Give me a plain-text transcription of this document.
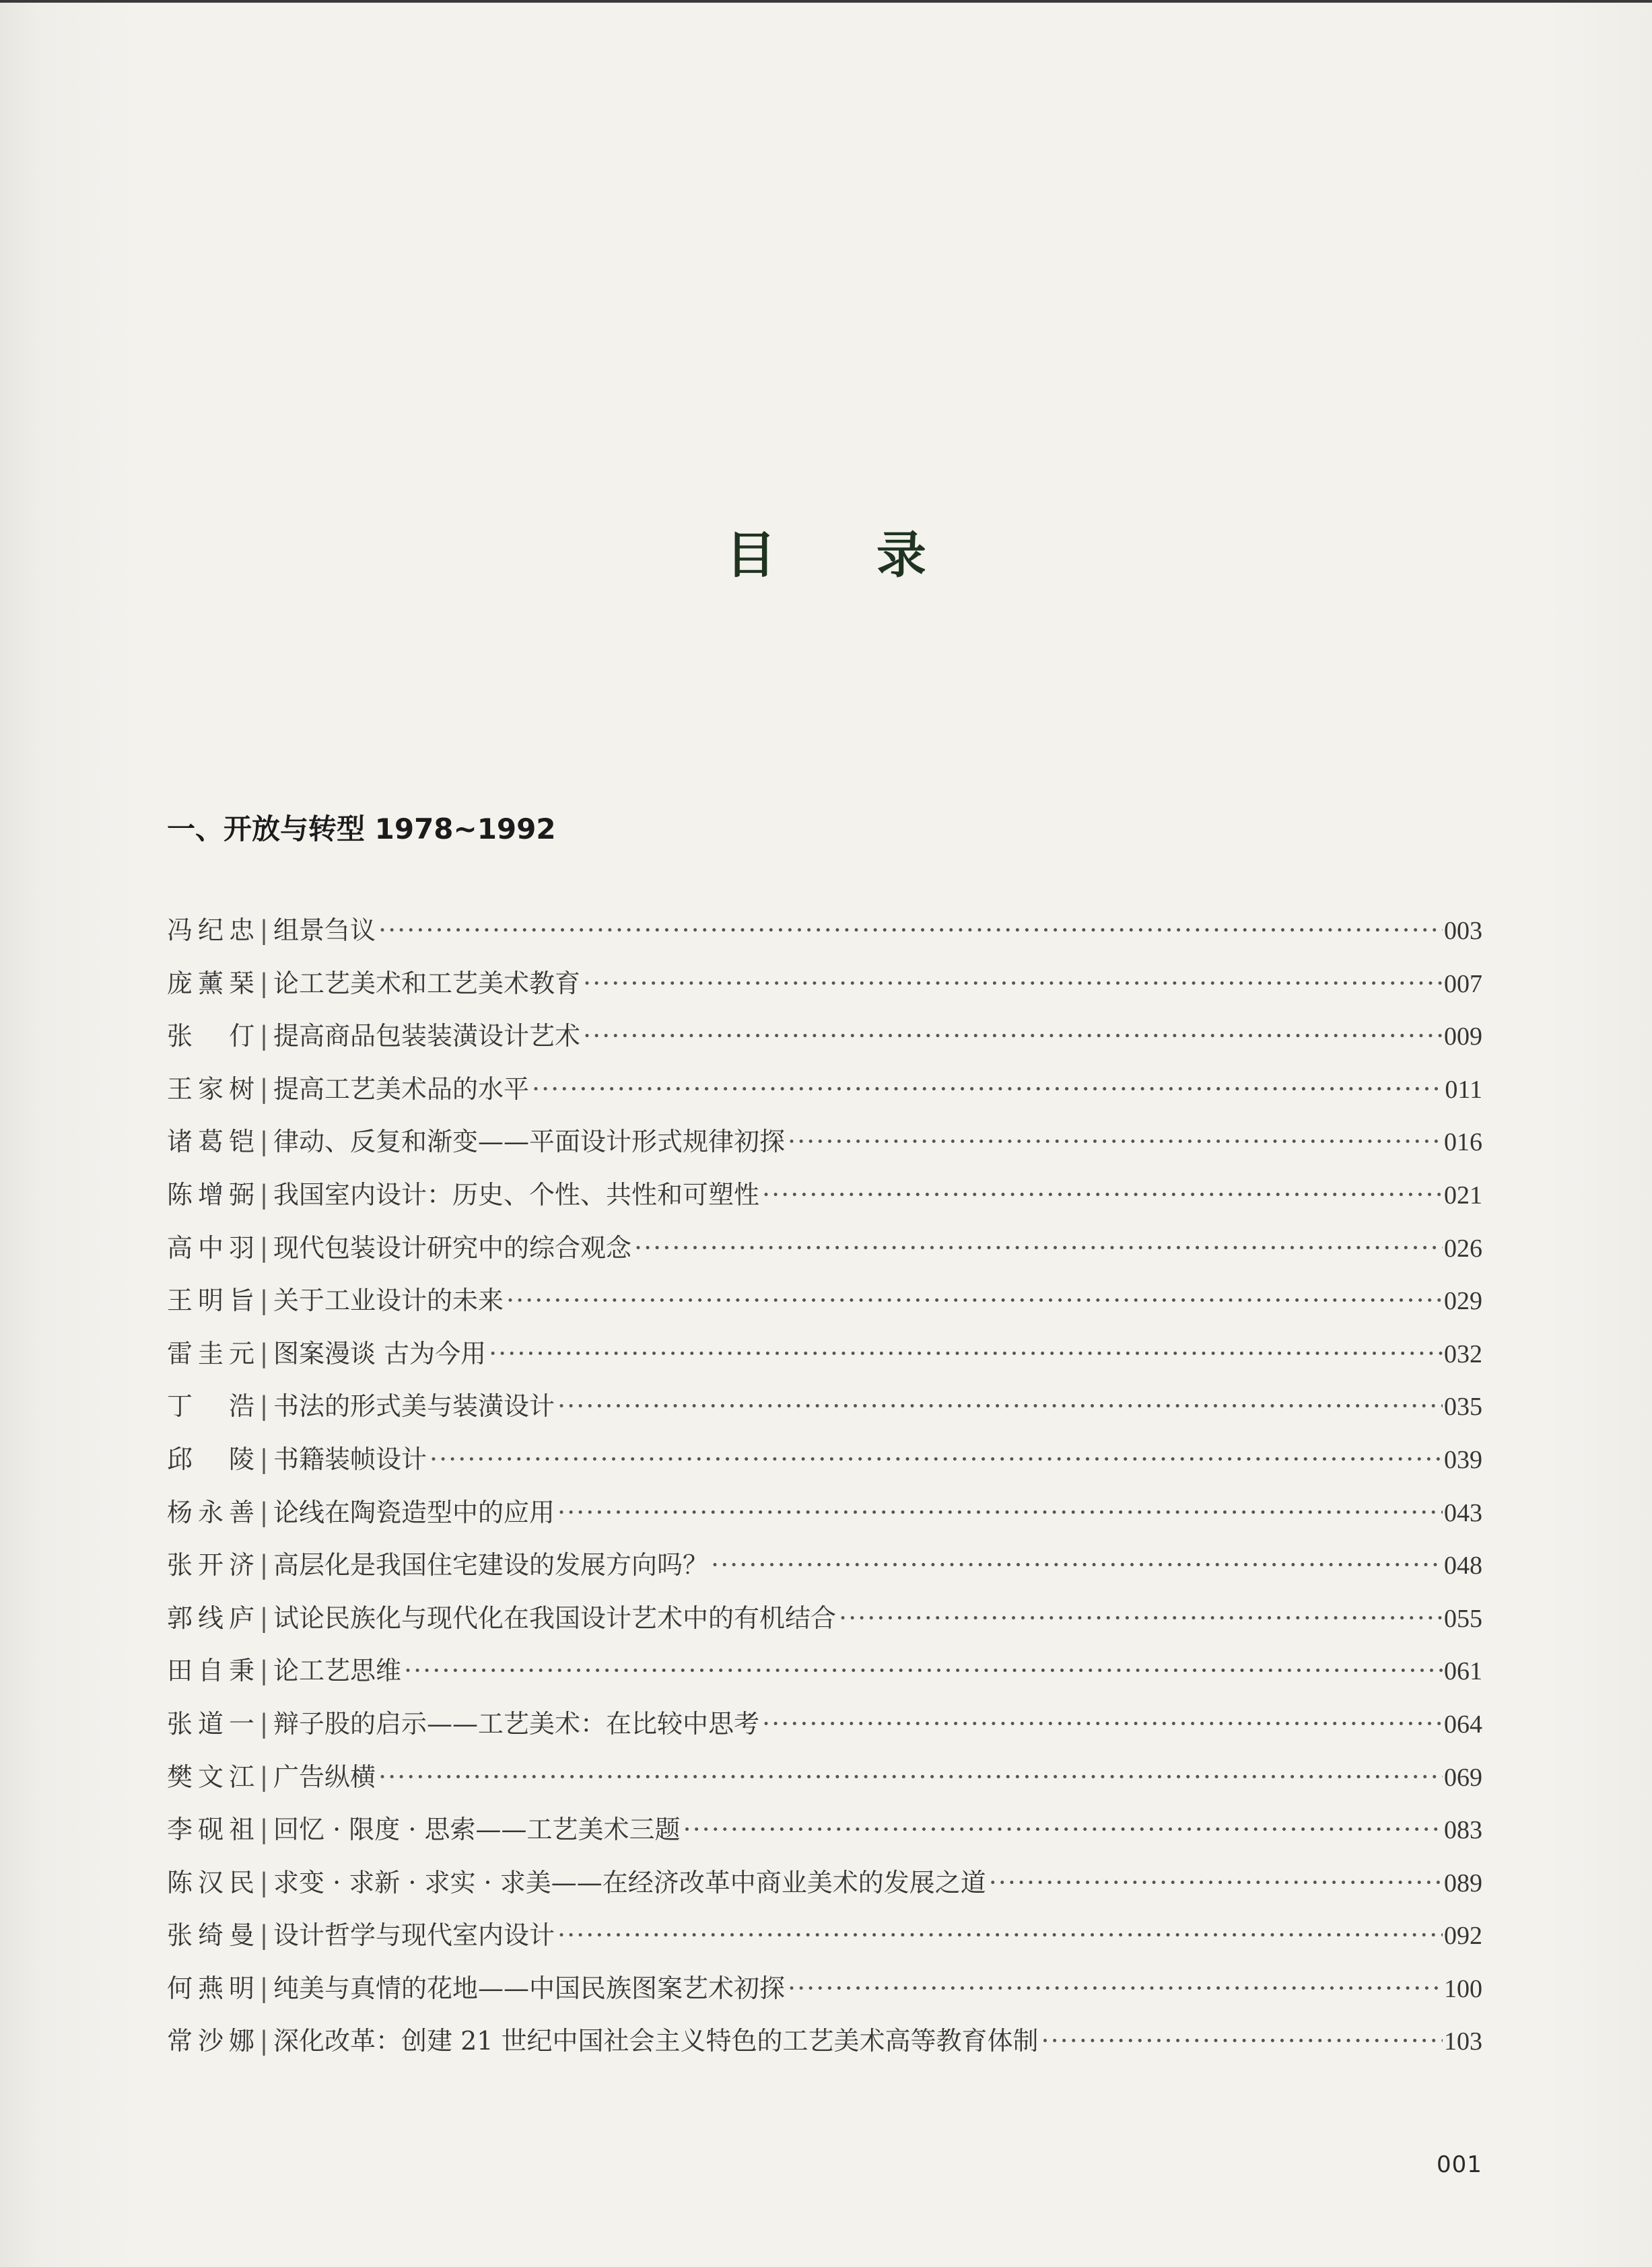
目 录
一、开放与转型 1978~1992
冯纪忠 | 组景刍议 ·····	003
庞薰琹 | 论工艺美术和工艺美术教育 ·····	007
张 仃 | 提高商品包装装潢设计艺术 ·····	009
王家树 | 提高工艺美术品的水平 ·····	011
诸葛铠 | 律动、反复和渐变——平面设计形式规律初探 ·····	016
陈增弼 | 我国室内设计：历史、个性、共性和可塑性 ·····	021
高中羽 | 现代包装设计研究中的综合观念 ·····	026
王明旨 | 关于工业设计的未来 ·····	029
雷圭元 | 图案漫谈 古为今用 ·····	032
丁 浩 | 书法的形式美与装潢设计 ·····	035
邱 陵 | 书籍装帧设计 ·····	039
杨永善 | 论线在陶瓷造型中的应用 ·····	043
张开济 | 高层化是我国住宅建设的发展方向吗？ ·····	048
郭线庐 | 试论民族化与现代化在我国设计艺术中的有机结合 ·····	055
田自秉 | 论工艺思维 ·····	061
张道一 | 辩子股的启示——工艺美术：在比较中思考 ·····	064
樊文江 | 广告纵横 ·····	069
李砚祖 | 回忆 · 限度 · 思索——工艺美术三题 ·····	083
陈汉民 | 求变 · 求新 · 求实 · 求美——在经济改革中商业美术的发展之道 ·····	089
张绮曼 | 设计哲学与现代室内设计 ·····	092
何燕明 | 纯美与真情的花地——中国民族图案艺术初探 ·····	100
常沙娜 | 深化改革：创建 21 世纪中国社会主义特色的工艺美术高等教育体制 ·····	103
001
